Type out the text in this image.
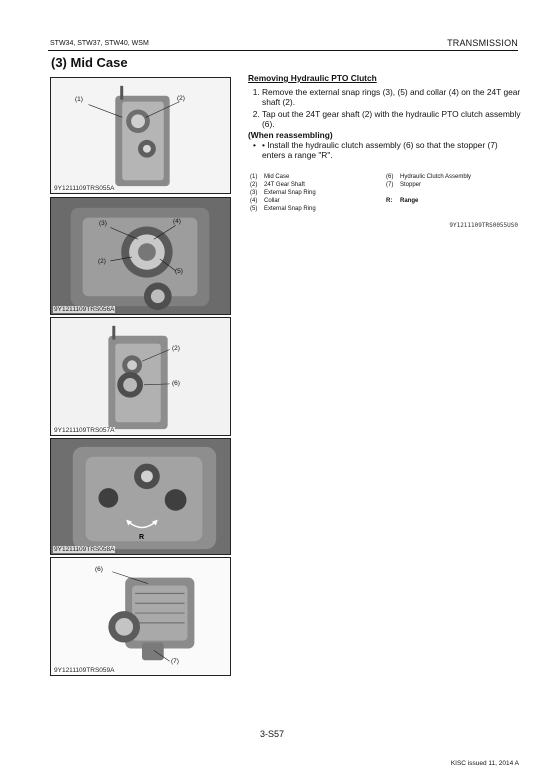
STW34, STW37, STW40, WSM	TRANSMISSION
(3) Mid Case
(1)	(2)
9Y1211109TRS055A
(3)	(4)
(2)
(5)
9Y1211109TRS056A
(2)
(6)
9Y1211109TRS057A
R
9Y1211109TRS058A
(6)
(7)
9Y1211109TRS059A
Removing Hydraulic PTO Clutch
1. Remove the external snap rings (3), (5) and collar (4) on the 24T gear shaft (2).
2. Tap out the 24T gear shaft (2) with the hydraulic PTO clutch assembly (6).
(When reassembling)
• • Install the hydraulic clutch assembly (6) so that the stopper (7) enters a range "R".
(1) Mid Case
(2) 24T Gear Shaft
(3) External Snap Ring
(4) Collar
(5) External Snap Ring
(6) Hydraulic Clutch Assembly
(7) Stopper
R: Range
9Y1211109TRS0055US0
3-S57
KISC issued 11, 2014 A
